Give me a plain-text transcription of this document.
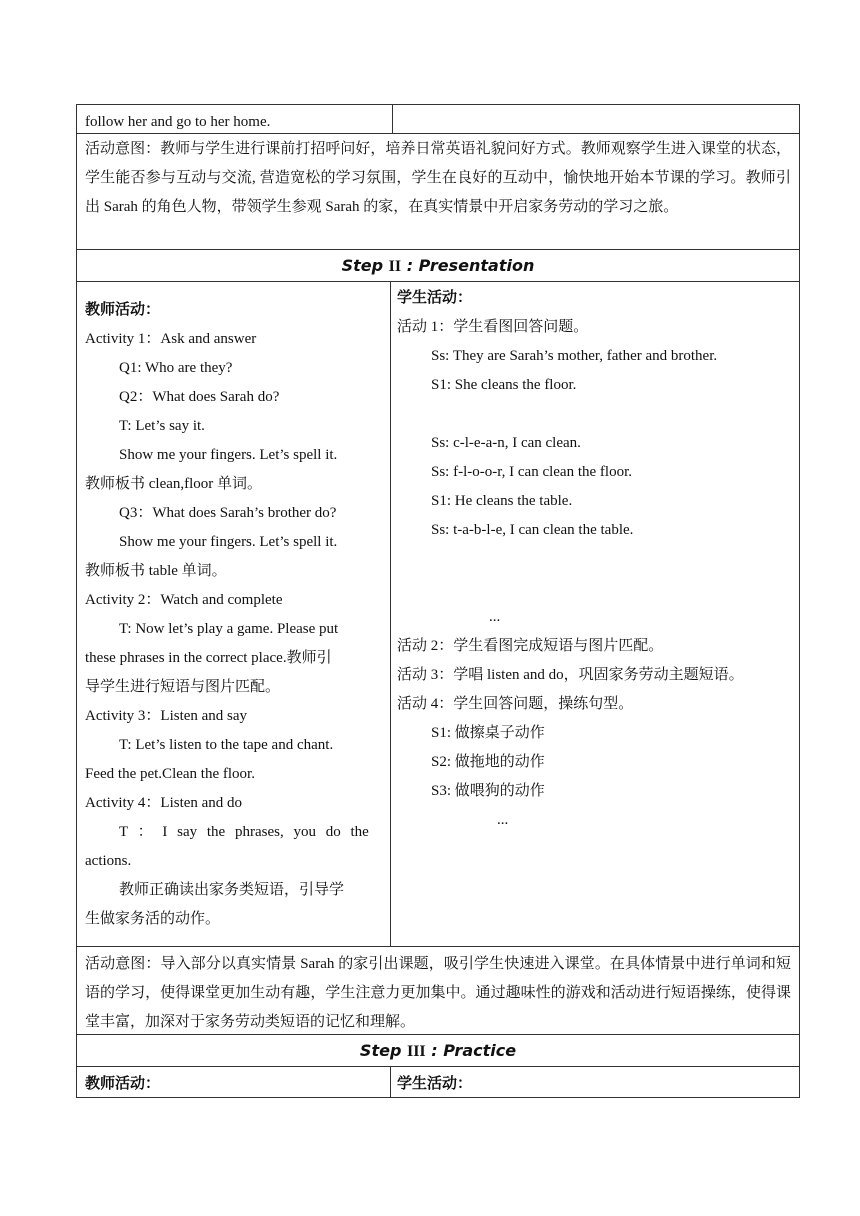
follow her and go to her home.
活动意图：教师与学生进行课前打招呼问好，培养日常英语礼貌问好方式。教师观察学生进入课堂的状态，学生能否参与互动与交流, 营造宽松的学习氛围，学生在良好的互动中，愉快地开始本节课的学习。教师引出 Sarah 的角色人物，带领学生参观 Sarah 的家，在真实情景中开启家务劳动的学习之旅。
Step II : Presentation
教师活动：
Activity 1：Ask and answer
Q1: Who are they?
Q2：What does Sarah do?
T: Let’s say it.
Show me your fingers. Let’s spell it.
教师板书 clean,floor 单词。
Q3：What does Sarah’s brother do?
Show me your fingers. Let’s spell it.
教师板书 table 单词。
Activity 2：Watch and complete
T: Now let’s play a game. Please put
these phrases in the correct place.教师引
导学生进行短语与图片匹配。
Activity 3：Listen and say
T: Let’s listen to the tape and chant.
Feed the pet.Clean the floor.
Activity 4：Listen and do
T ： I say the phrases, you do the
actions.
教师正确读出家务类短语，引导学
生做家务活的动作。
学生活动：
活动 1：学生看图回答问题。
Ss: They are Sarah’s mother, father and brother.
S1: She cleans the floor.
Ss: c-l-e-a-n, I can clean.
Ss: f-l-o-o-r, I can clean the floor.
S1: He cleans the table.
Ss: t-a-b-l-e, I can clean the table.
...
活动 2：学生看图完成短语与图片匹配。
活动 3：学唱 listen and do，巩固家务劳动主题短语。
活动 4：学生回答问题，操练句型。
S1: 做擦桌子动作
S2: 做拖地的动作
S3: 做喂狗的动作
...
活动意图：导入部分以真实情景 Sarah 的家引出课题，吸引学生快速进入课堂。在具体情景中进行单词和短语的学习，使得课堂更加生动有趣，学生注意力更加集中。通过趣味性的游戏和活动进行短语操练，使得课堂丰富，加深对于家务劳动类短语的记忆和理解。
Step III : Practice
教师活动：	学生活动：
